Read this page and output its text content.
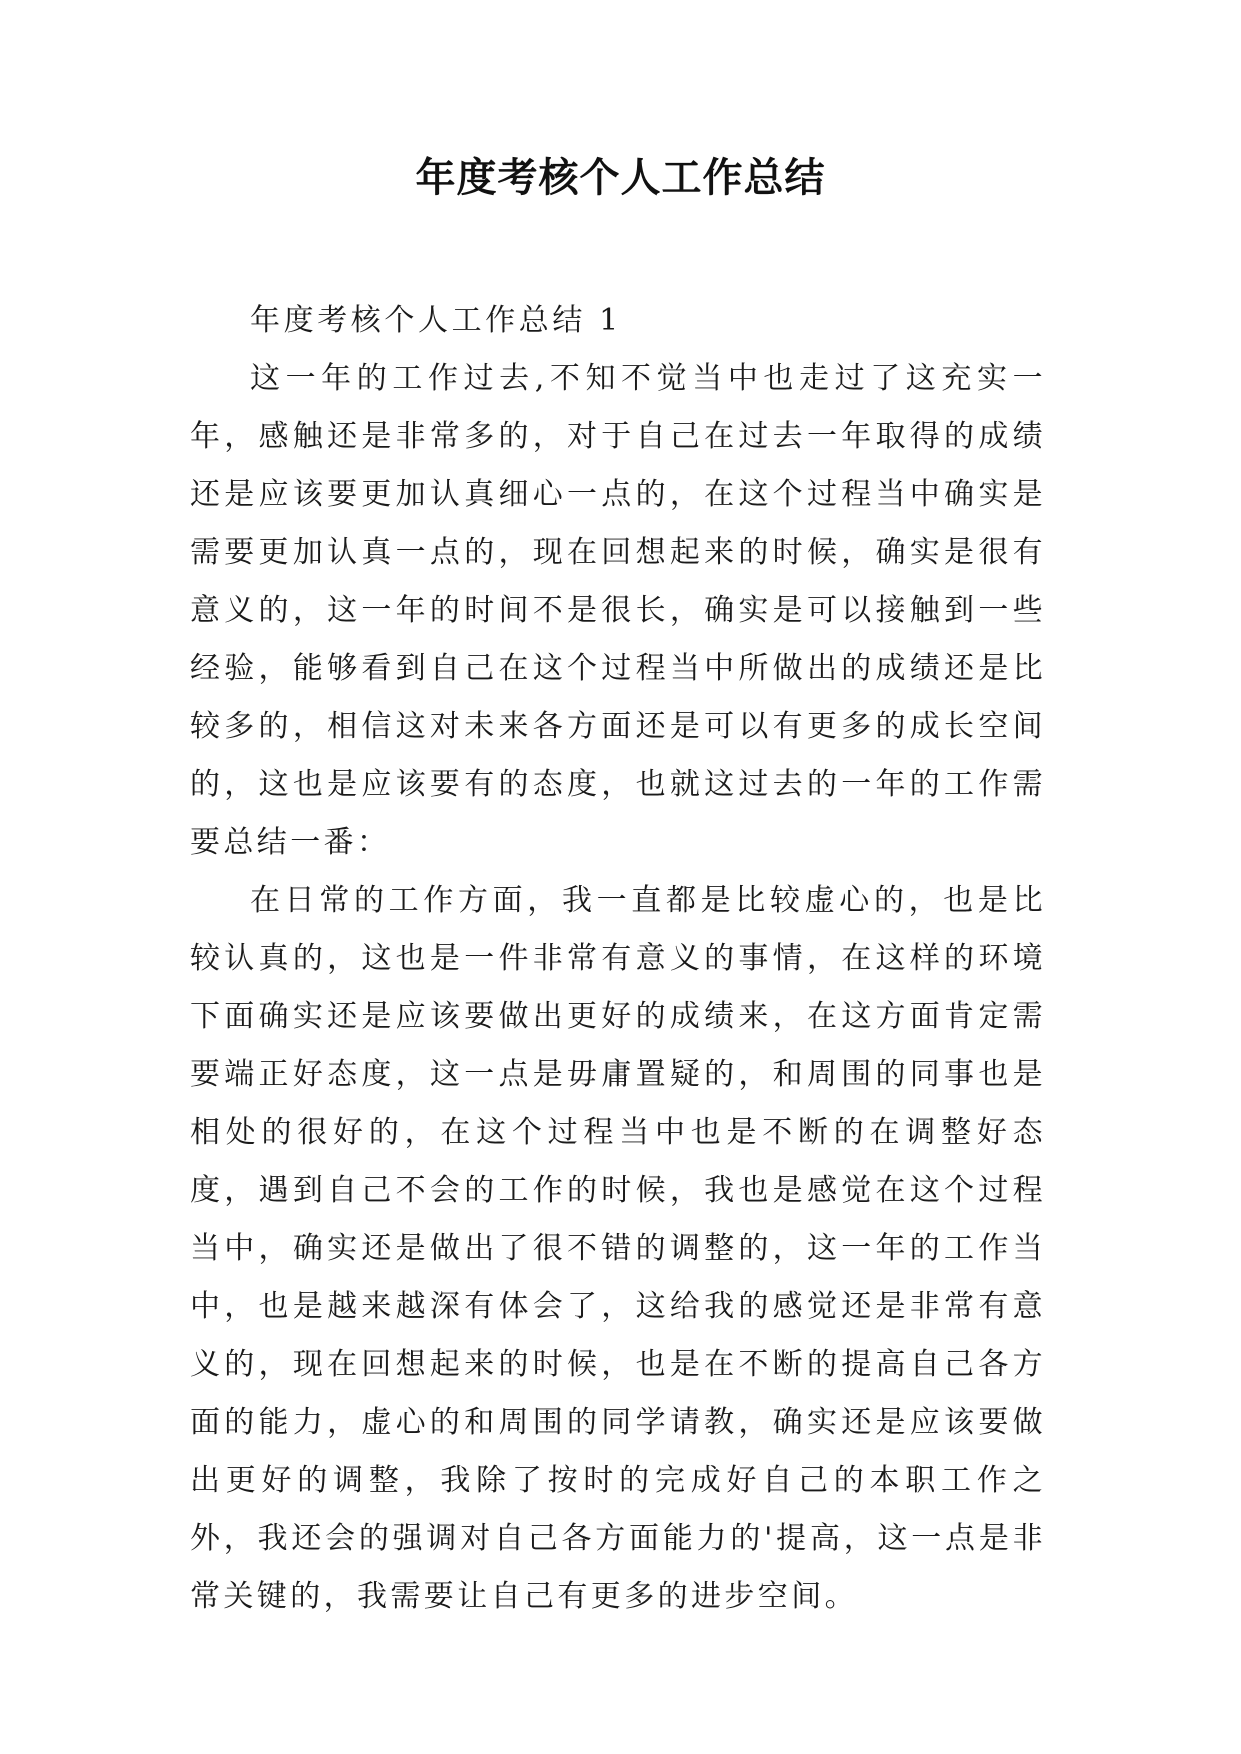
年度考核个人工作总结

年度考核个人工作总结 1

这一年的工作过去,不知不觉当中也走过了这充实一年，感触还是非常多的，对于自己在过去一年取得的成绩还是应该要更加认真细心一点的，在这个过程当中确实是需要更加认真一点的，现在回想起来的时候，确实是很有意义的，这一年的时间不是很长，确实是可以接触到一些经验，能够看到自己在这个过程当中所做出的成绩还是比较多的，相信这对未来各方面还是可以有更多的成长空间的，这也是应该要有的态度，也就这过去的一年的工作需要总结一番：

在日常的工作方面，我一直都是比较虚心的，也是比较认真的，这也是一件非常有意义的事情，在这样的环境下面确实还是应该要做出更好的成绩来，在这方面肯定需要端正好态度，这一点是毋庸置疑的，和周围的同事也是相处的很好的，在这个过程当中也是不断的在调整好态度，遇到自己不会的工作的时候，我也是感觉在这个过程当中，确实还是做出了很不错的调整的，这一年的工作当中，也是越来越深有体会了，这给我的感觉还是非常有意义的，现在回想起来的时候，也是在不断的提高自己各方面的能力，虚心的和周围的同学请教，确实还是应该要做出更好的调整，我除了按时的完成好自己的本职工作之外，我还会的强调对自己各方面能力的'提高，这一点是非常关键的，我需要让自己有更多的进步空间。
